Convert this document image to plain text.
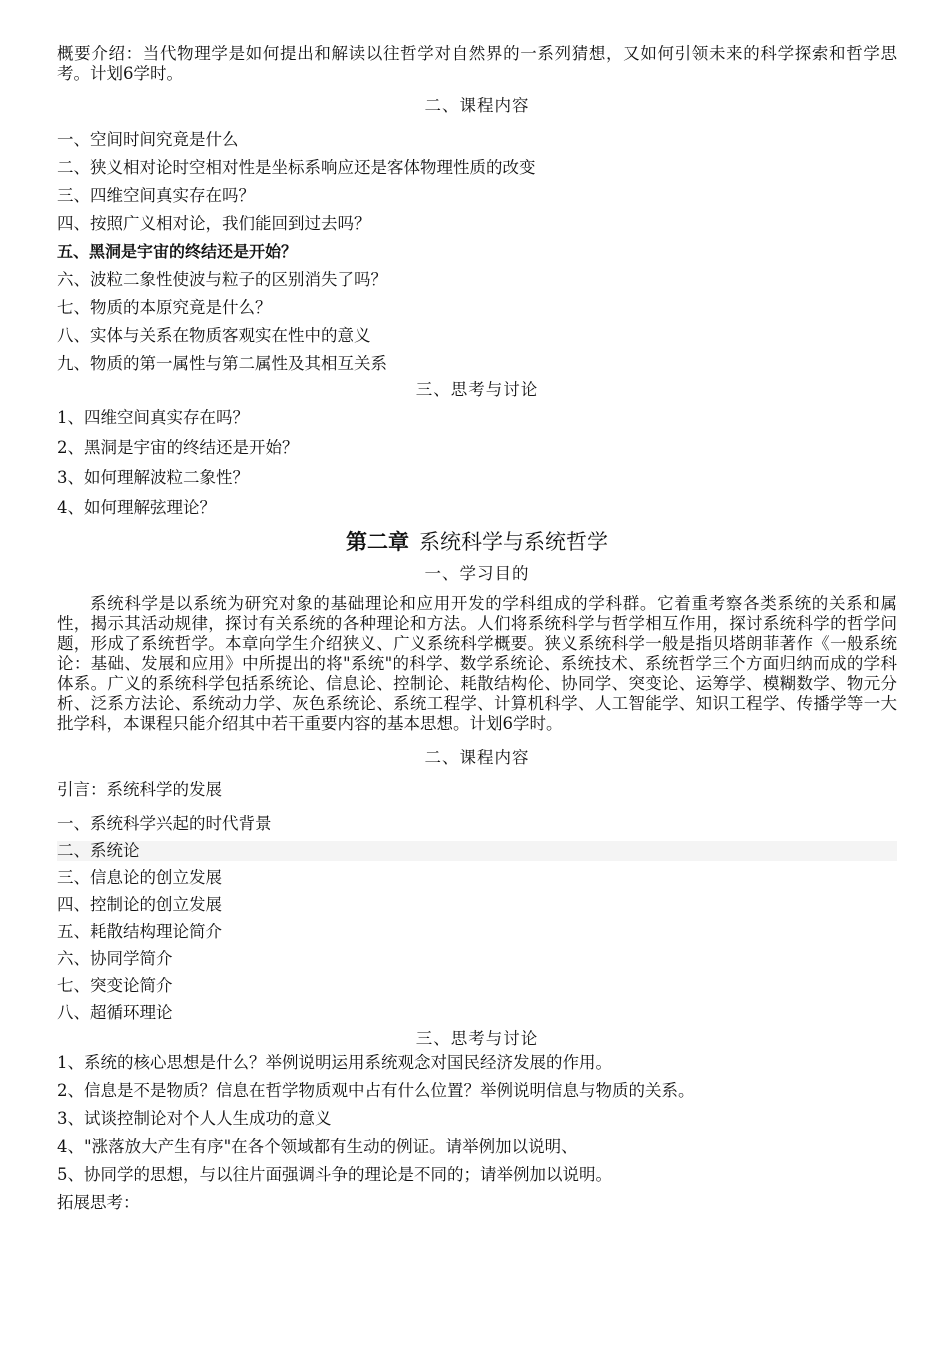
概要介绍：当代物理学是如何提出和解读以往哲学对自然界的一系列猜想，又如何引领未来的科学探索和哲学思考。计划6学时。

二、课程内容

一、空间时间究竟是什么

二、狭义相对论时空相对性是坐标系响应还是客体物理性质的改变

三、四维空间真实存在吗？

四、按照广义相对论，我们能回到过去吗？

五、黑洞是宇宙的终结还是开始？

六、波粒二象性使波与粒子的区别消失了吗？

七、物质的本原究竟是什么？

八、实体与关系在物质客观实在性中的意义

九、物质的第一属性与第二属性及其相互关系

三、思考与讨论

1、四维空间真实存在吗？

2、黑洞是宇宙的终结还是开始？

3、如何理解波粒二象性？

4、如何理解弦理论？

第二章 系统科学与系统哲学

一、学习目的

系统科学是以系统为研究对象的基础理论和应用开发的学科组成的学科群。它着重考察各类系统的关系和属性，揭示其活动规律，探讨有关系统的各种理论和方法。人们将系统科学与哲学相互作用，探讨系统科学的哲学问题，形成了系统哲学。本章向学生介绍狭义、广义系统科学概要。狭义系统科学一般是指贝塔朗菲著作《一般系统论：基础、发展和应用》中所提出的将"系统"的科学、数学系统论、系统技术、系统哲学三个方面归纳而成的学科体系。广义的系统科学包括系统论、信息论、控制论、耗散结构伦、协同学、突变论、运筹学、模糊数学、物元分析、泛系方法论、系统动力学、灰色系统论、系统工程学、计算机科学、人工智能学、知识工程学、传播学等一大批学科，本课程只能介绍其中若干重要内容的基本思想。计划6学时。

二、课程内容

引言：系统科学的发展

一、系统科学兴起的时代背景

二、系统论

三、信息论的创立发展

四、控制论的创立发展

五、耗散结构理论简介

六、协同学简介

七、突变论简介

八、超循环理论

三、思考与讨论

1、系统的核心思想是什么？举例说明运用系统观念对国民经济发展的作用。

2、信息是不是物质？信息在哲学物质观中占有什么位置？举例说明信息与物质的关系。

3、试谈控制论对个人人生成功的意义

4、"涨落放大产生有序"在各个领域都有生动的例证。请举例加以说明、

5、协同学的思想，与以往片面强调斗争的理论是不同的；请举例加以说明。

拓展思考：
